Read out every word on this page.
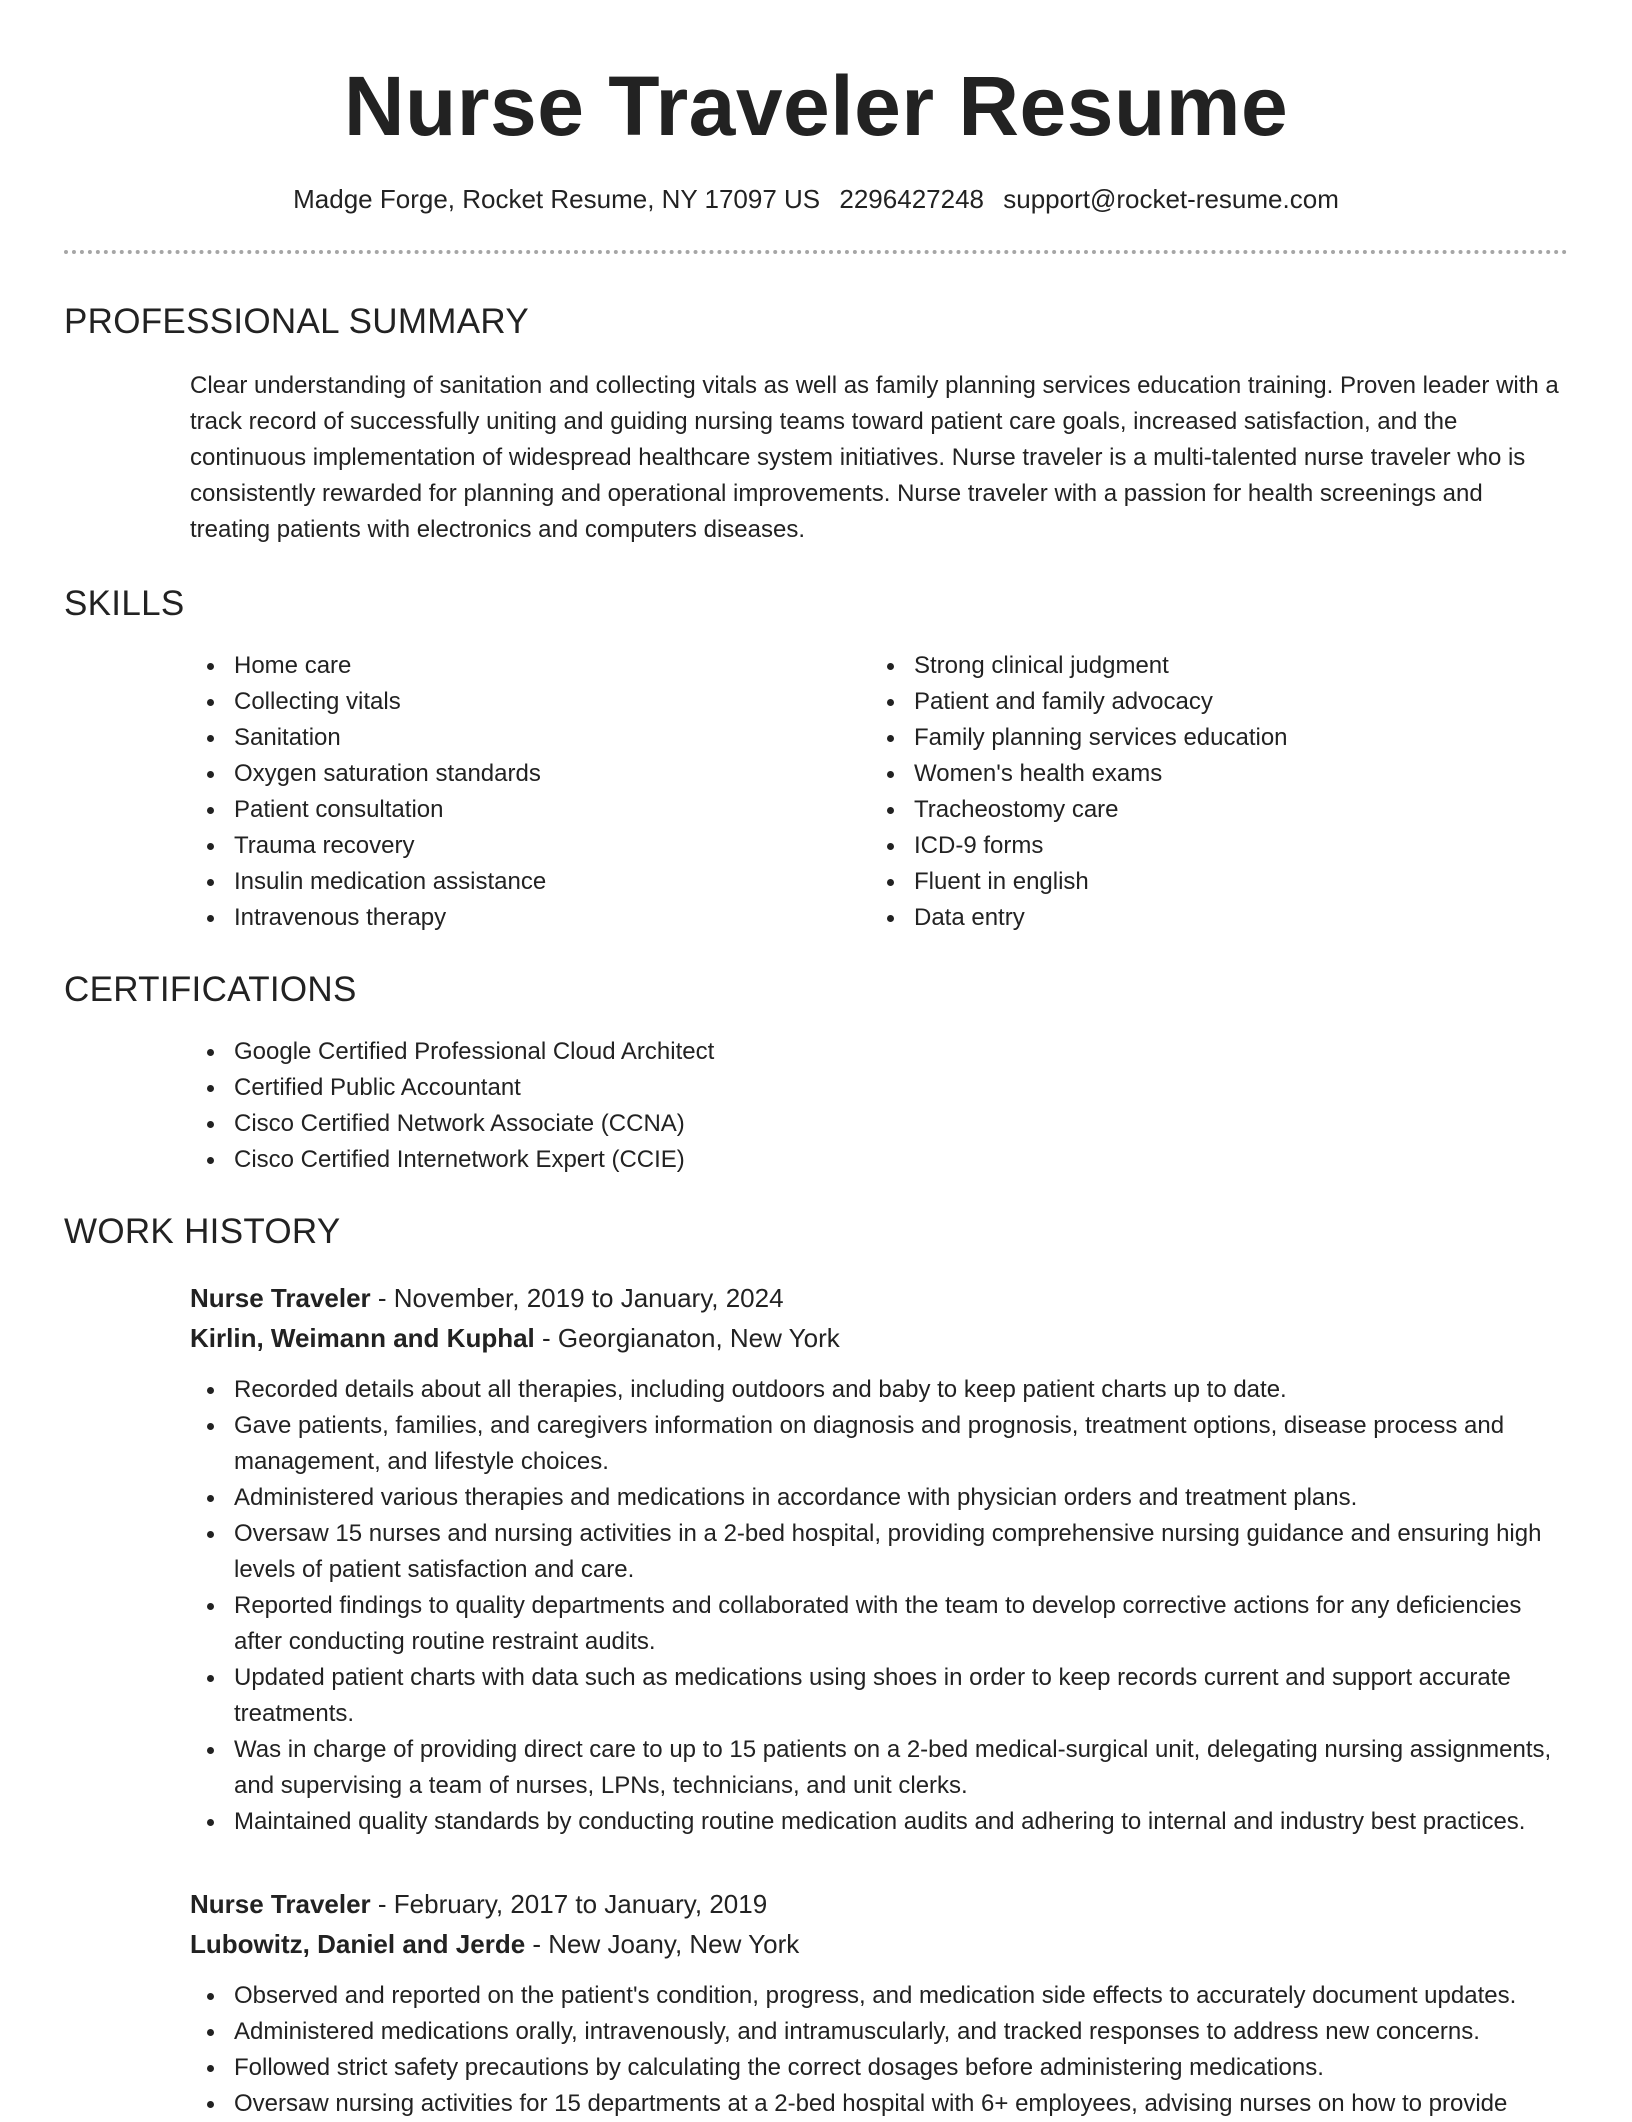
Nurse Traveler Resume
Madge Forge, Rocket Resume, NY 17097 US 2296427248 support@rocket-resume.com
PROFESSIONAL SUMMARY

Clear understanding of sanitation and collecting vitals as well as family planning services education training. Proven leader with a track record of successfully uniting and guiding nursing teams toward patient care goals, increased satisfaction, and the continuous implementation of widespread healthcare system initiatives. Nurse traveler is a multi-talented nurse traveler who is consistently rewarded for planning and operational improvements. Nurse traveler with a passion for health screenings and treating patients with electronics and computers diseases.

SKILLS
Home care
Collecting vitals
Sanitation
Oxygen saturation standards
Patient consultation
Trauma recovery
Insulin medication assistance
Intravenous therapy
Strong clinical judgment
Patient and family advocacy
Family planning services education
Women's health exams
Tracheostomy care
ICD-9 forms
Fluent in english
Data entry
CERTIFICATIONS
Google Certified Professional Cloud Architect
Certified Public Accountant
Cisco Certified Network Associate (CCNA)
Cisco Certified Internetwork Expert (CCIE)
WORK HISTORY
Nurse Traveler - November, 2019 to January, 2024
Kirlin, Weimann and Kuphal - Georgianaton, New York
Recorded details about all therapies, including outdoors and baby to keep patient charts up to date.
Gave patients, families, and caregivers information on diagnosis and prognosis, treatment options, disease process and management, and lifestyle choices.
Administered various therapies and medications in accordance with physician orders and treatment plans.
Oversaw 15 nurses and nursing activities in a 2-bed hospital, providing comprehensive nursing guidance and ensuring high levels of patient satisfaction and care.
Reported findings to quality departments and collaborated with the team to develop corrective actions for any deficiencies after conducting routine restraint audits.
Updated patient charts with data such as medications using shoes in order to keep records current and support accurate treatments.
Was in charge of providing direct care to up to 15 patients on a 2-bed medical-surgical unit, delegating nursing assignments, and supervising a team of nurses, LPNs, technicians, and unit clerks.
Maintained quality standards by conducting routine medication audits and adhering to internal and industry best practices.
Nurse Traveler - February, 2017 to January, 2019
Lubowitz, Daniel and Jerde - New Joany, New York
Observed and reported on the patient's condition, progress, and medication side effects to accurately document updates.
Administered medications orally, intravenously, and intramuscularly, and tracked responses to address new concerns.
Followed strict safety precautions by calculating the correct dosages before administering medications.
Oversaw nursing activities for 15 departments at a 2-bed hospital with 6+ employees, advising nurses on how to provide
